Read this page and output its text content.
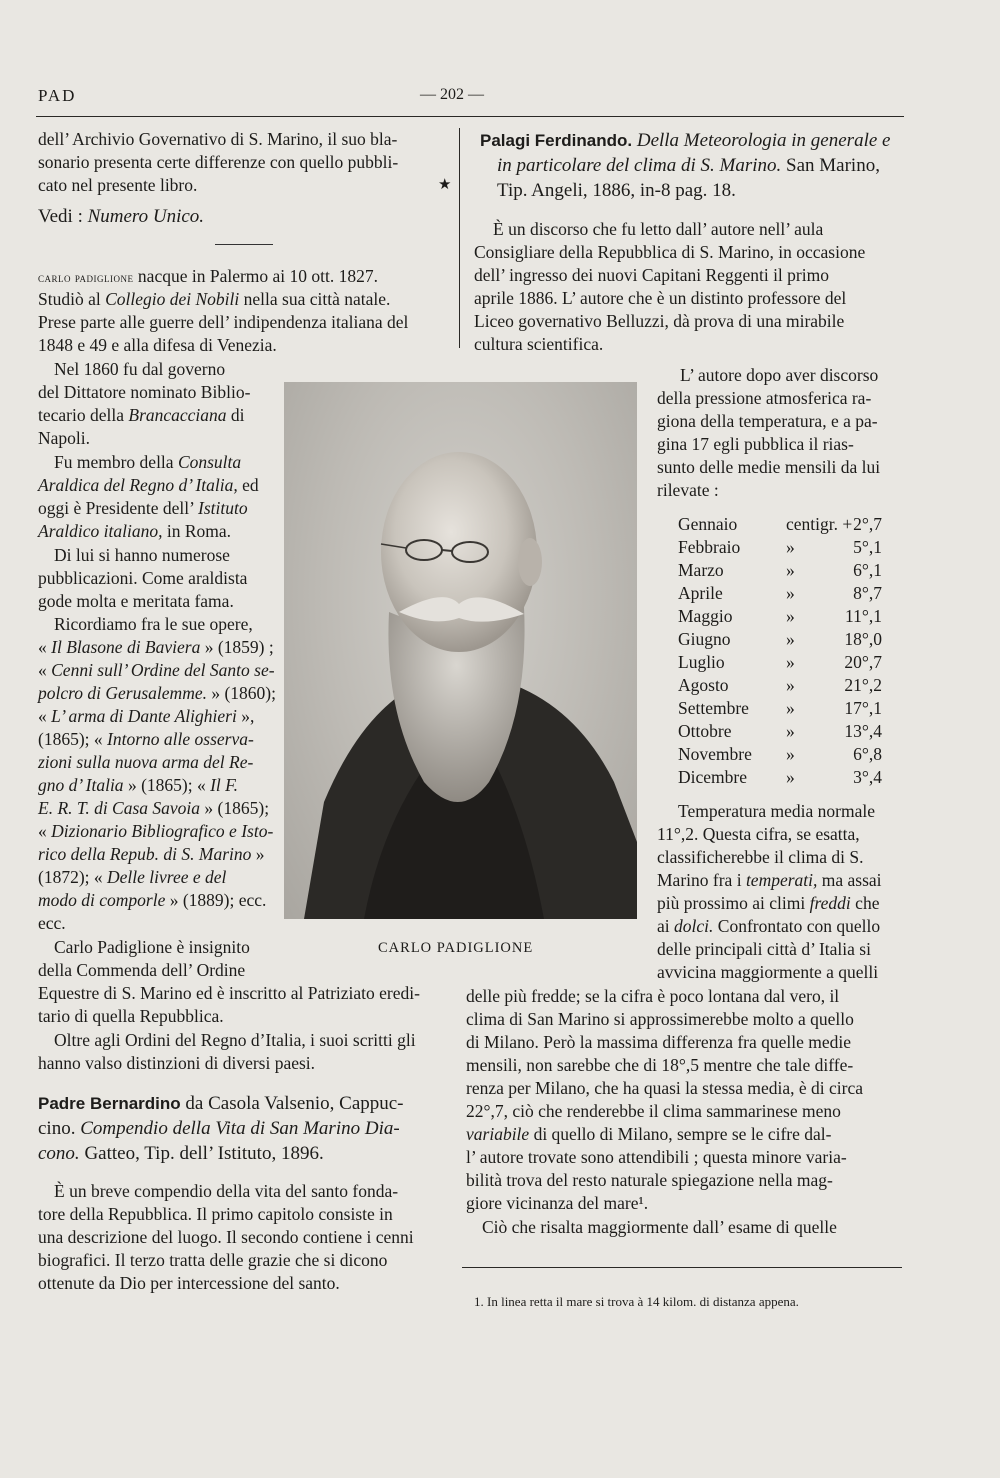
PAD	— 202 —
dell’ Archivio Governativo di S. Marino, il suo bla-
sonario presenta certe differenze con quello pubbli-
cato nel presente libro.	★
Vedi : Numero Unico.
carlo padiglione nacque in Palermo ai 10 ott. 1827.
Studiò al Collegio dei Nobili nella sua città natale.
Prese parte alle guerre dell’ indipendenza italiana del
1848 e 49 e alla difesa di Venezia.
Nel 1860 fu dal governo
del Dittatore nominato Biblio-
tecario della Brancacciana di
Napoli.
Fu membro della Consulta
Araldica del Regno d’ Italia, ed
oggi è Presidente dell’ Istituto
Araldico italiano, in Roma.
Di lui si hanno numerose
pubblicazioni. Come araldista
gode molta e meritata fama.
Ricordiamo fra le sue opere,
« Il Blasone di Baviera » (1859) ;
« Cenni sull’ Ordine del Santo se-
polcro di Gerusalemme. » (1860);
« L’ arma di Dante Alighieri »,
(1865); « Intorno alle osserva-
zioni sulla nuova arma del Re-
gno d’ Italia » (1865); « Il F.
E. R. T. di Casa Savoia » (1865);
« Dizionario Bibliografico e Isto-
rico della Repub. di S. Marino »
(1872); « Delle livree e del
modo di comporle » (1889); ecc.
ecc.
Carlo Padiglione è insignito
della Commenda dell’ Ordine
Equestre di S. Marino ed è inscritto al Patriziato eredi-
tario di quella Repubblica.
Oltre agli Ordini del Regno d’Italia, i suoi scritti gli
hanno valso distinzioni di diversi paesi.
CARLO PADIGLIONE
Padre Bernardino da Casola Valsenio, Cappuc-
cino. Compendio della Vita di San Marino Dia-
cono. Gatteo, Tip. dell’ Istituto, 1896.
È un breve compendio della vita del santo fonda-
tore della Repubblica. Il primo capitolo consiste in
una descrizione del luogo. Il secondo contiene i cenni
biografici. Il terzo tratta delle grazie che si dicono
ottenute da Dio per intercessione del santo.
Palagi Ferdinando. Della Meteorologia in generale e
in particolare del clima di S. Marino. San Marino,
Tip. Angeli, 1886, in-8 pag. 18.
È un discorso che fu letto dall’ autore nell’ aula
Consigliare della Repubblica di S. Marino, in occasione
dell’ ingresso dei nuovi Capitani Reggenti il primo
aprile 1886. L’ autore che è un distinto professore del
Liceo governativo Belluzzi, dà prova di una mirabile
cultura scientifica.
L’ autore dopo aver discorso
della pressione atmosferica ra-
giona della temperatura, e a pa-
gina 17 egli pubblica il rias-
sunto delle medie mensili da lui
rilevate :
Gennaio	centigr. + 2°,7
Febbraio	»	5°,1
Marzo	»	6°,1
Aprile	»	8°,7
Maggio	»	11°,1
Giugno	»	18°,0
Luglio	»	20°,7
Agosto	»	21°,2
Settembre »	17°,1
Ottobre	»	13°,4
Novembre »	6°,8
Dicembre »	3°,4
Temperatura media normale
11°,2. Questa cifra, se esatta,
classificherebbe il clima di S.
Marino fra i temperati, ma assai
più prossimo ai climi freddi che
ai dolci. Confrontato con quello
delle principali città d’ Italia si
avvicina maggiormente a quelli
delle più fredde; se la cifra è poco lontana dal vero, il
clima di San Marino si approssimerebbe molto a quello
di Milano. Però la massima differenza fra quelle medie
mensili, non sarebbe che di 18°,5 mentre che tale diffe-
renza per Milano, che ha quasi la stessa media, è di circa
22°,7, ciò che renderebbe il clima sammarinese meno
variabile di quello di Milano, sempre se le cifre dal-
l’ autore trovate sono attendibili ; questa minore varia-
bilità trova del resto naturale spiegazione nella mag-
giore vicinanza del mare¹.
Ciò che risalta maggiormente dall’ esame di quelle
1. In linea retta il mare si trova à 14 kilom. di distanza appena.
